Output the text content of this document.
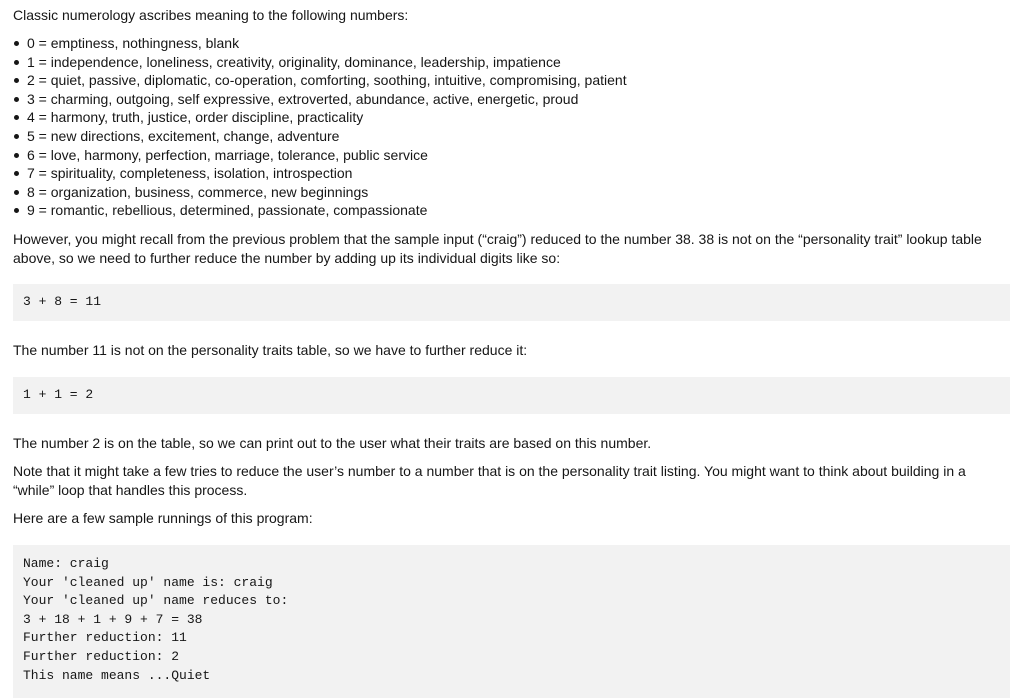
Classic numerology ascribes meaning to the following numbers:

0 = emptiness, nothingness, blank
1 = independence, loneliness, creativity, originality, dominance, leadership, impatience
2 = quiet, passive, diplomatic, co-operation, comforting, soothing, intuitive, compromising, patient
3 = charming, outgoing, self expressive, extroverted, abundance, active, energetic, proud
4 = harmony, truth, justice, order discipline, practicality
5 = new directions, excitement, change, adventure
6 = love, harmony, perfection, marriage, tolerance, public service
7 = spirituality, completeness, isolation, introspection
8 = organization, business, commerce, new beginnings
9 = romantic, rebellious, determined, passionate, compassionate

However, you might recall from the previous problem that the sample input (“craig”) reduced to the number 38. 38 is not on the “personality trait” lookup table above, so we need to further reduce the number by adding up its individual digits like so:

3 + 8 = 11

The number 11 is not on the personality traits table, so we have to further reduce it:

1 + 1 = 2

The number 2 is on the table, so we can print out to the user what their traits are based on this number.

Note that it might take a few tries to reduce the user’s number to a number that is on the personality trait listing. You might want to think about building in a “while” loop that handles this process.

Here are a few sample runnings of this program:

Name: craig
Your 'cleaned up' name is: craig
Your 'cleaned up' name reduces to:
3 + 18 + 1 + 9 + 7 = 38
Further reduction: 11
Further reduction: 2
This name means ...Quiet
